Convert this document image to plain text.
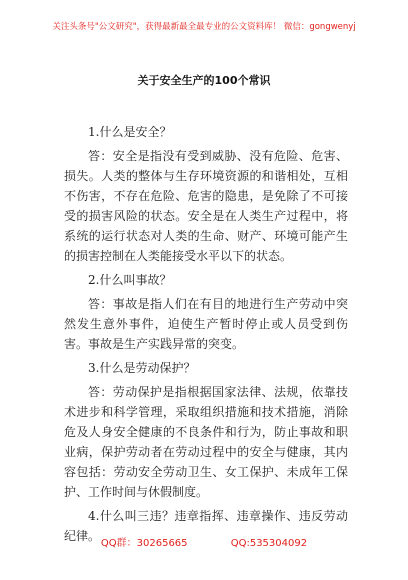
关注头条号"公文研究"，获得最新最全最专业的公文资料库！ 微信：gongwenyj
关于安全生产的100个常识

1.什么是安全？

答：安全是指没有受到威胁、没有危险、危害、损失。人类的整体与生存环境资源的和谐相处，互相不伤害，不存在危险、危害的隐患，是免除了不可接受的损害风险的状态。安全是在人类生产过程中，将系统的运行状态对人类的生命、财产、环境可能产生的损害控制在人类能接受水平以下的状态。

2.什么叫事故？

答：事故是指人们在有目的地进行生产劳动中突然发生意外事件，迫使生产暂时停止或人员受到伤害。事故是生产实践异常的突变。

3.什么是劳动保护？

答：劳动保护是指根据国家法律、法规，依靠技术进步和科学管理，采取组织措施和技术措施，消除危及人身安全健康的不良条件和行为，防止事故和职业病，保护劳动者在劳动过程中的安全与健康，其内容包括：劳动安全劳动卫生、女工保护、未成年工保护、工作时间与休假制度。

4.什么叫三违？违章指挥、违章操作、违反劳动纪律。

QQ群：30265665	QQ:535304092
